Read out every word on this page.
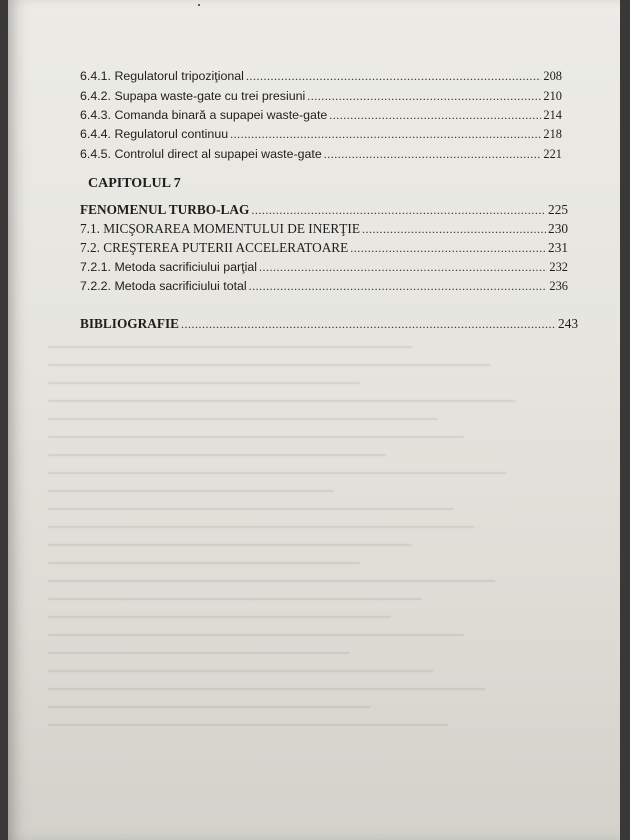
6.4.1. Regulatorul tripoziţional .....	208
6.4.2. Supapa waste-gate cu trei presiuni .....	210
6.4.3. Comanda binară a supapei waste-gate .....	214
6.4.4. Regulatorul continuu .....	218
6.4.5. Controlul direct al supapei waste-gate .....	221
CAPITOLUL 7
FENOMENUL TURBO-LAG .....	225
7.1. MICŞORAREA MOMENTULUI DE INERŢIE .....	230
7.2. CREŞTEREA PUTERII ACCELERATOARE .....	231
7.2.1. Metoda sacrificiului parţial .....	232
7.2.2. Metoda sacrificiului total .....	236
BIBLIOGRAFIE .....	243
